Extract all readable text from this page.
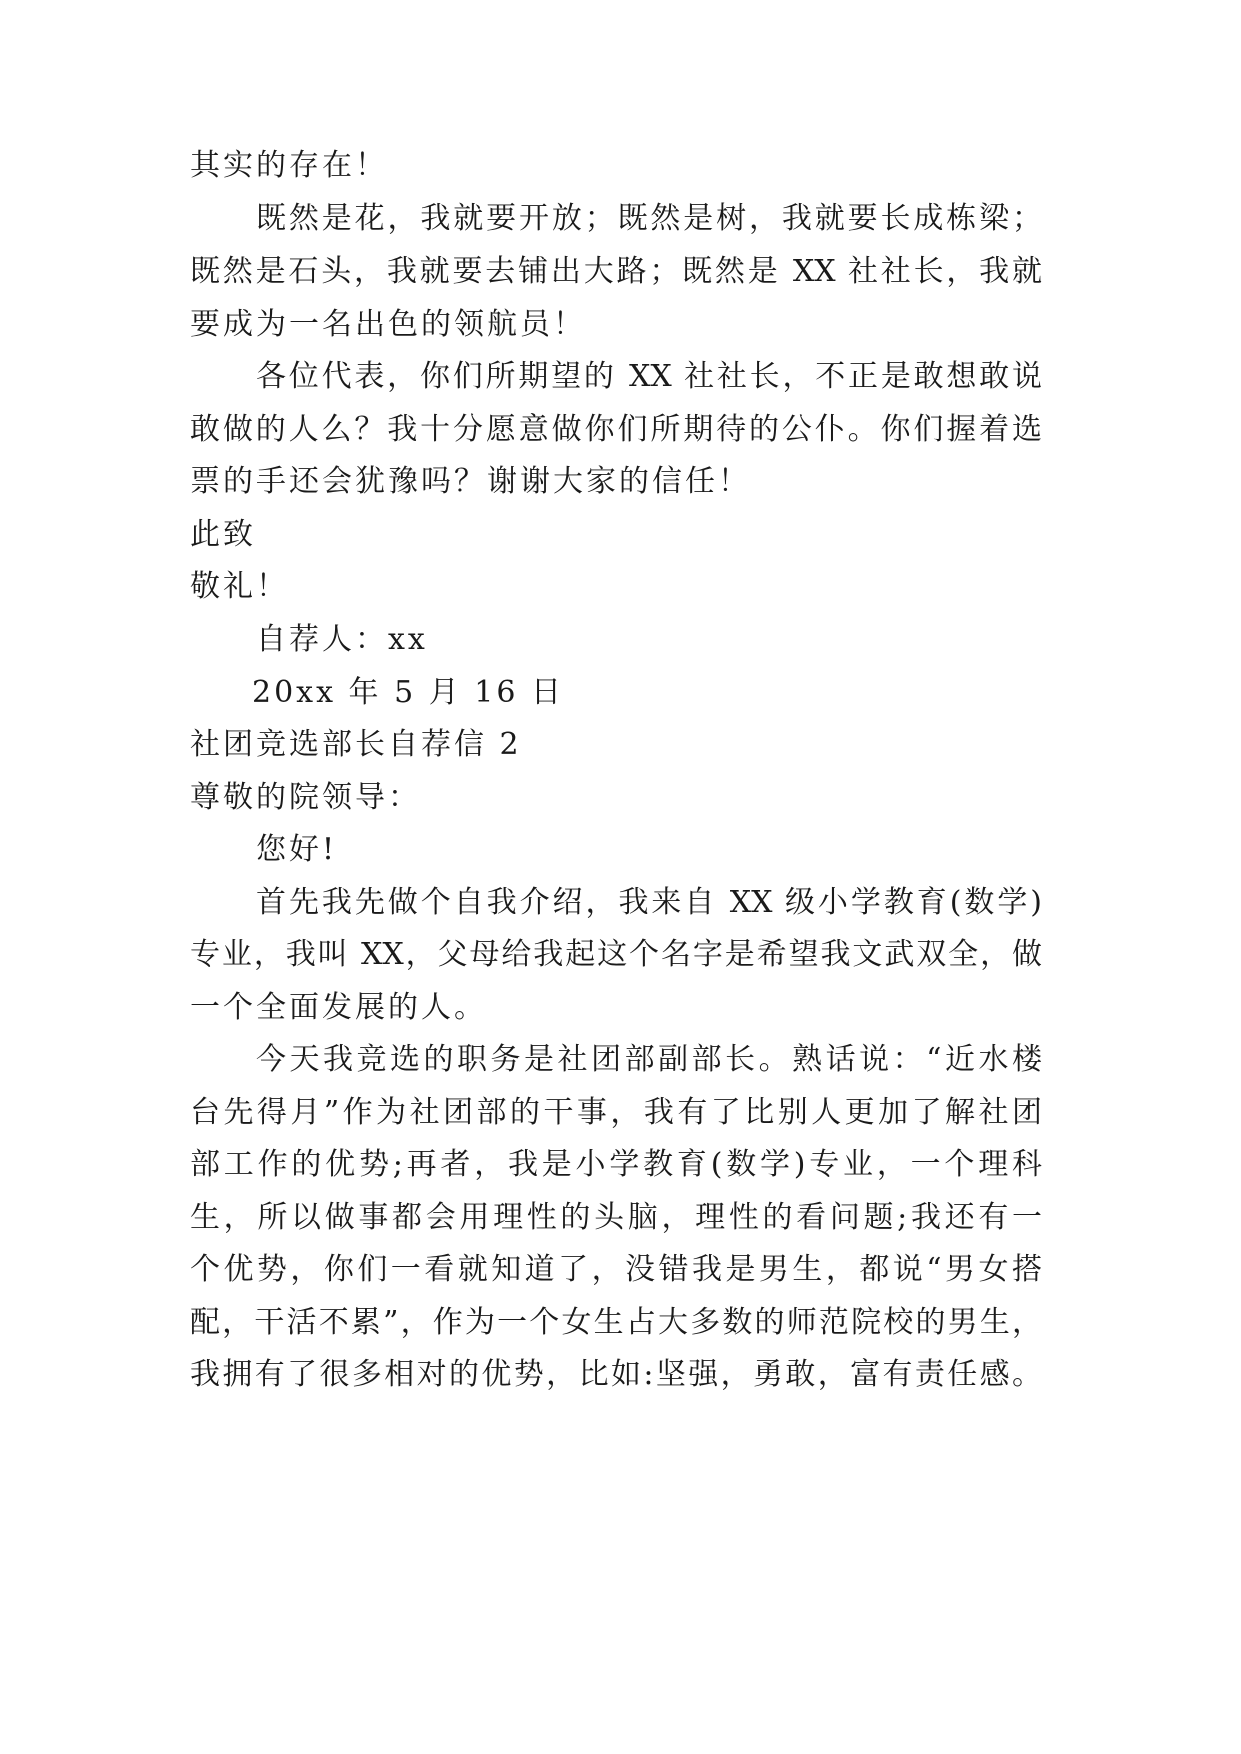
其实的存在！
既然是花，我就要开放；既然是树，我就要长成栋梁；
既然是石头，我就要去铺出大路；既然是 XX 社社长，我就
要成为一名出色的领航员！
各位代表，你们所期望的 XX 社社长，不正是敢想敢说
敢做的人么？我十分愿意做你们所期待的公仆。你们握着选
票的手还会犹豫吗？谢谢大家的信任！
此致
敬礼！
自荐人：xx
20xx 年 5 月 16 日
社团竞选部长自荐信 2
尊敬的院领导：
您好!
首先我先做个自我介绍，我来自 XX 级小学教育(数学)
专业，我叫 XX，父母给我起这个名字是希望我文武双全，做
一个全面发展的人。
今天我竞选的职务是社团部副部长。熟话说：“近水楼
台先得月”作为社团部的干事，我有了比别人更加了解社团
部工作的优势;再者，我是小学教育(数学)专业，一个理科
生，所以做事都会用理性的头脑，理性的看问题;我还有一
个优势，你们一看就知道了，没错我是男生，都说“男女搭
配，干活不累”，作为一个女生占大多数的师范院校的男生，
我拥有了很多相对的优势，比如:坚强，勇敢，富有责任感。
